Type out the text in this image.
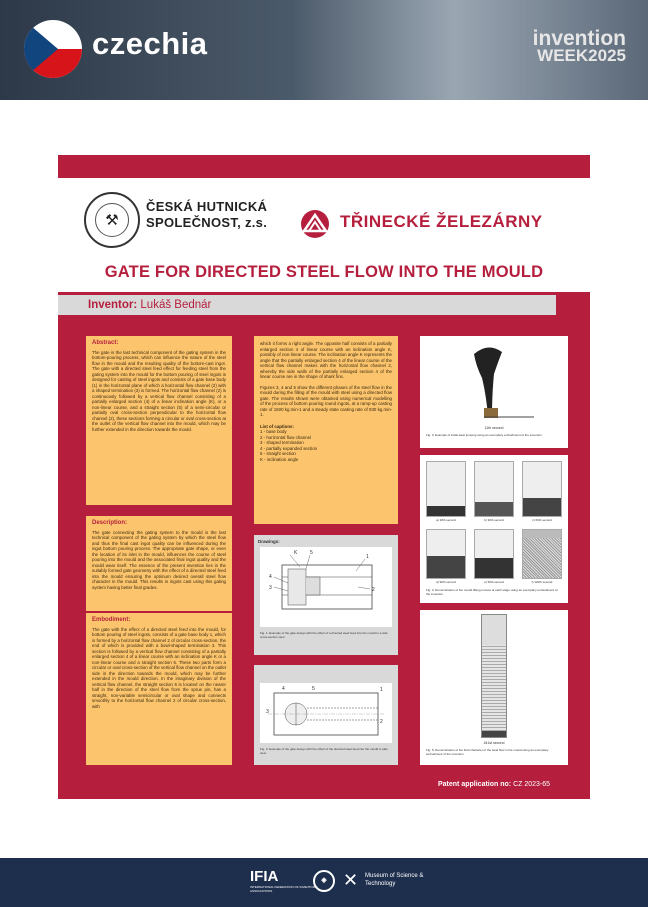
czechia	invention
WEEK2025
⚒
ČESKÁ HUTNICKÁ SPOLEČNOST, z.s.	TŘINECKÉ ŽELEZÁRNY
GATE FOR DIRECTED STEEL FLOW INTO THE MOULD
Inventor: Lukáš Bednár
Abstract:
The gate is the last technical component of the gating system in the bottom-pouring process, which can influence the nature of the steel flow in the mould and the resulting quality of the bottom-cast ingot. The gate with a directed steel feed effect for feeding steel from the gating system into the mould for the bottom pouring of steel ingots is designed for casting of steel ingots and consists of a gate base body (1) in the horizontal plane of which a horizontal flow channel (2) with a shaped termination (3) is formed. The horizontal flow channel (2) is continuously followed by a vertical flow channel consisting of a partially enlarged section (4) of a linear inclination angle (K), or a non-linear course, and a straight section (5) of a semi-circular or partially oval cross-section perpendicular to the horizontal flow channel (2), these sections forming a circular or oval cross-section at the outlet of the vertical flow channel into the mould, which may be further extended in the direction towards the mould.
Description:
The gate connecting the gating system to the mould is the last technical component of the gating system by which the steel flow and thus the final cast ingot quality can be influenced during the ingot bottom pouring process. The appropriate gate shape, or even the location of its inlet in the mould, influences the course of steel pouring into the mould and the associated final ingot quality and the mould wear itself. The essence of the present invention lies in the suitably formed gate geometry with the effect of a directed steel feed into the mould ensuring the optimum desired overall steel flow character in the mould. This results in ingots cast using this gating system having better final grades.
Embodiment:
The gate with the effect of a directed steel feed into the mould, for bottom pouring of steel ingots, consists of a gate base body 1, which is formed by a horizontal flow channel 2 of circular cross-section, the end of which is provided with a bowl-shaped termination 3. This section is followed by a vertical flow channel consisting of a partially enlarged section 4 of a linear course with an inclination angle K or a non-linear course and a straight section 5. These two parts form a circular or oval cross-section of the vertical flow channel on the outlet side in the direction towards the mould, which may be further extended in the mould direction. In the imaginary division of the vertical flow channel, the straight section 5 is located on the nearer half in the direction of the steel flow from the sprue pin, has a straight, non-variable semicircular or oval shape and connects smoothly to the horizontal flow channel 2 of circular cross-section, with
which it forms a right angle. The opposite half consists of a partially enlarged section 4 of linear course with an inclination angle K, possibly of non-linear course. The inclination angle K represents the angle that the partially enlarged section 4 of the linear course of the vertical flow channel makes with the horizontal flow channel 2, whereby the side walls of the partially enlarged section 4 of the linear course are in the shape of shark fins.
Figures 3, 4 and 5 show the different phases of the steel flow in the mould during the filling of the mould with steel using a directed flow gate. The results shown were obtained using numerical modelling of the process of bottom pouring round ingots, at a ramp-up casting rate of 1500 kg.min-1 and a steady state casting rate of 930 kg.min-1.
List of captions:
1 - base body
2 - horizontal flow channel
3 - shaped termination
4 - partially expanded section
5 - straight section
K - inclination angle
Drawings:
K	5
1
2
4
3
Fig. 1: Example of the gate design with the effect of a directed steel feed into the mould in a side cross-section view
4	5	1
2
3
Fig. 2: Example of the gate design with the effect of the directed steel feed into the mould in plan view
11th second
Fig. 3: Example of initial steel jumping using an exemplary embodiment of the invention
a) 18th second	b) 30th second	c) 60th second
d) 90th second	e) 60th second	f) 120th second
Fig. 4: Demonstration of the mould filling process at each stage using an exemplary embodiment of the invention
441st second
Fig. 5: Demonstration of the final character of the steel flow in the mould using an exemplary embodiment of the invention
Patent application no: CZ 2023-65
IFIA
INTERNATIONAL FEDERATION OF INVENTORS' ASSOCIATIONS
◈ ✕ Museum of Science & Technology
